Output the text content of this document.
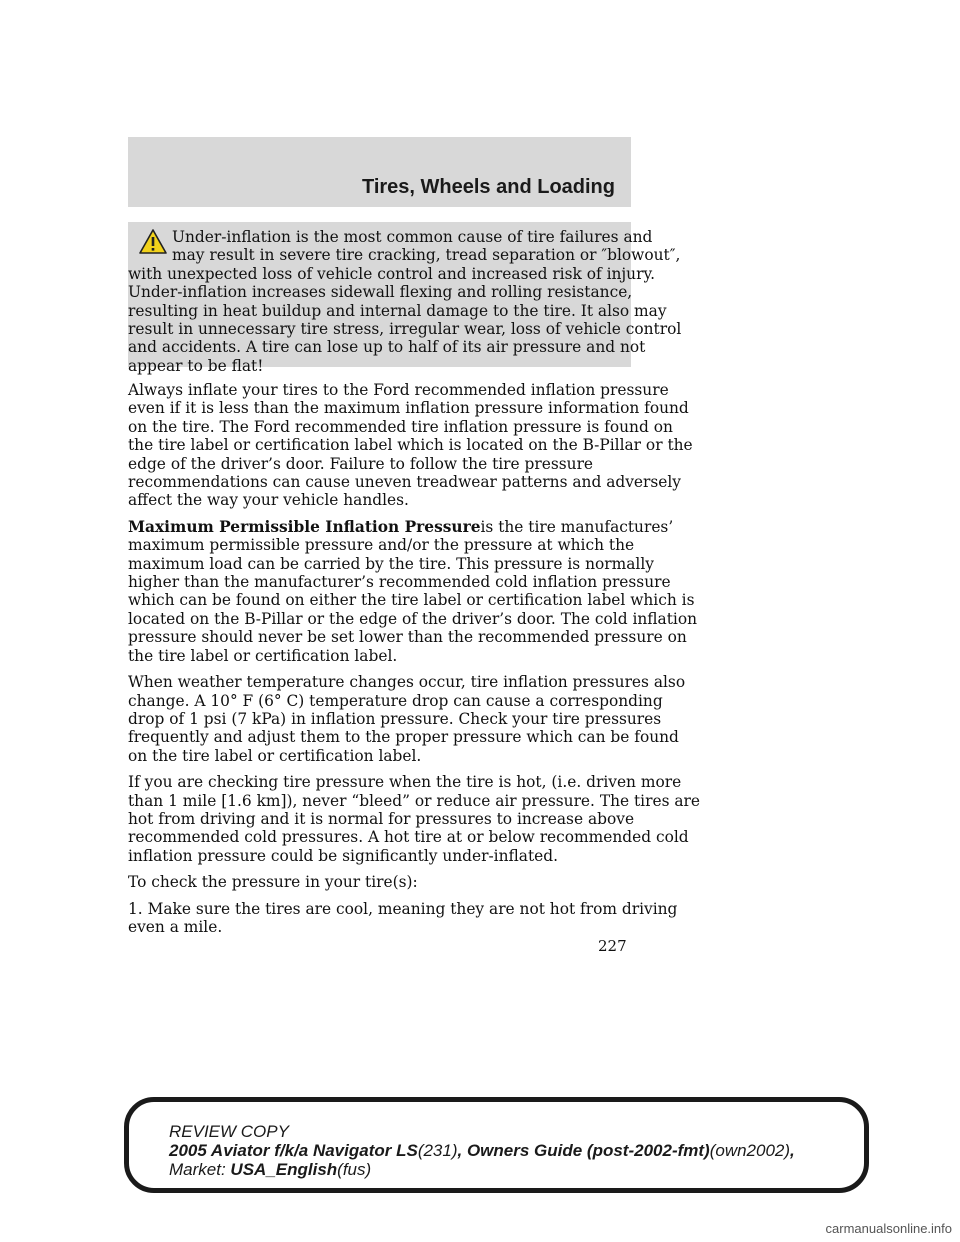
Tires, Wheels and Loading
Under-inflation is the most common cause of tire failures and
may result in severe tire cracking, tread separation or ″blowout″,
with unexpected loss of vehicle control and increased risk of injury.
Under-inflation increases sidewall flexing and rolling resistance,
resulting in heat buildup and internal damage to the tire. It also may
result in unnecessary tire stress, irregular wear, loss of vehicle control
and accidents. A tire can lose up to half of its air pressure and not
appear to be flat!
Always inflate your tires to the Ford recommended inflation pressure
even if it is less than the maximum inflation pressure information found
on the tire. The Ford recommended tire inflation pressure is found on
the tire label or certification label which is located on the B-Pillar or the
edge of the driver’s door. Failure to follow the tire pressure
recommendations can cause uneven treadwear patterns and adversely
affect the way your vehicle handles.
Maximum Permissible Inflation Pressureis the tire manufactures’
maximum permissible pressure and/or the pressure at which the
maximum load can be carried by the tire. This pressure is normally
higher than the manufacturer’s recommended cold inflation pressure
which can be found on either the tire label or certification label which is
located on the B-Pillar or the edge of the driver’s door. The cold inflation
pressure should never be set lower than the recommended pressure on
the tire label or certification label.
When weather temperature changes occur, tire inflation pressures also
change. A 10° F (6° C) temperature drop can cause a corresponding
drop of 1 psi (7 kPa) in inflation pressure. Check your tire pressures
frequently and adjust them to the proper pressure which can be found
on the tire label or certification label.
If you are checking tire pressure when the tire is hot, (i.e. driven more
than 1 mile [1.6 km]), never “bleed” or reduce air pressure. The tires are
hot from driving and it is normal for pressures to increase above
recommended cold pressures. A hot tire at or below recommended cold
inflation pressure could be significantly under-inflated.
To check the pressure in your tire(s):
1. Make sure the tires are cool, meaning they are not hot from driving
even a mile.
227
REVIEW COPY
2005 Aviator f/k/a Navigator LS(231), Owners Guide (post-2002-fmt)(own2002),
Market: USA_English(fus)
carmanualsonline.info
